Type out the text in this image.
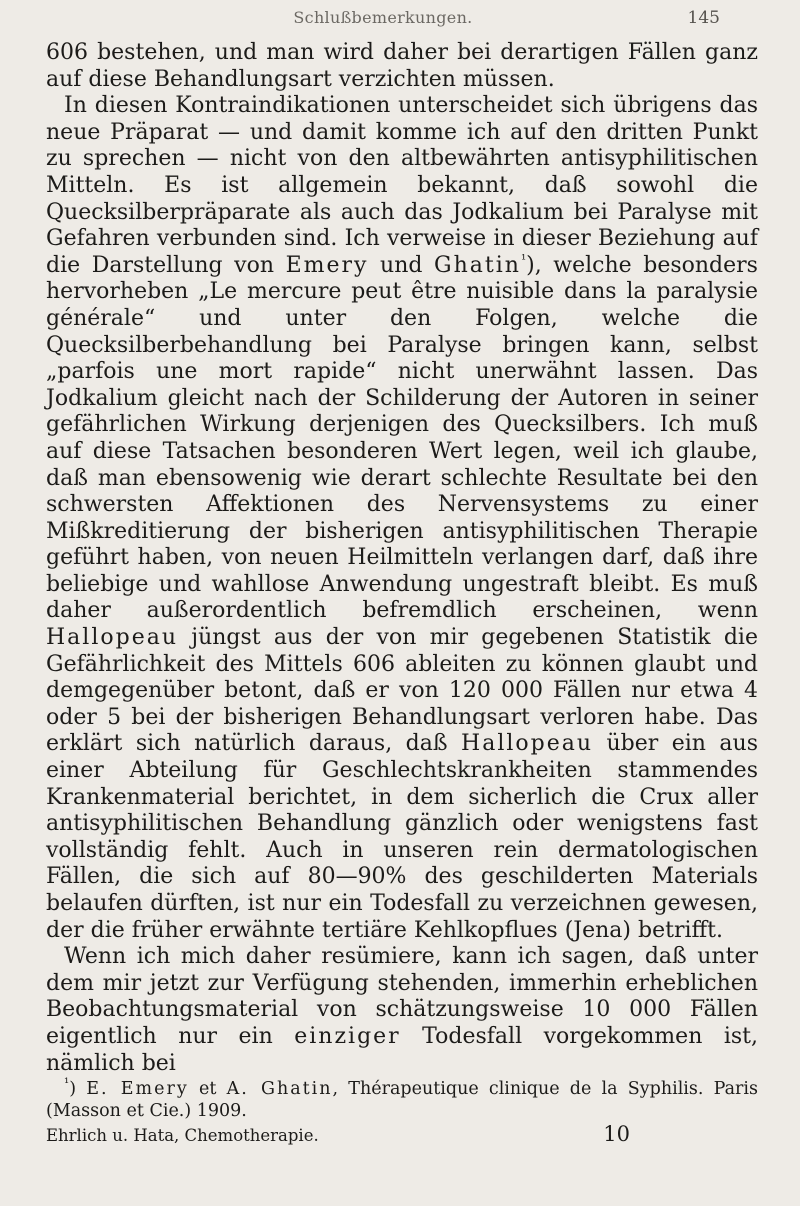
Schlußbemerkungen.	145

606 bestehen, und man wird daher bei derartigen Fällen ganz auf diese Behandlungsart verzichten müssen.

In diesen Kontraindikationen unterscheidet sich übrigens das neue Präparat — und damit komme ich auf den dritten Punkt zu sprechen — nicht von den altbewährten antisyphilitischen Mitteln. Es ist allgemein bekannt, daß sowohl die Quecksilberpräparate als auch das Jodkalium bei Paralyse mit Gefahren verbunden sind. Ich verweise in dieser Beziehung auf die Darstellung von Emery und Ghatin$^{^1}$), welche besonders hervorheben „Le mercure peut être nuisible dans la paralysie générale“ und unter den Folgen, welche die Quecksilberbehandlung bei Paralyse bringen kann, selbst „parfois une mort rapide“ nicht unerwähnt lassen. Das Jodkalium gleicht nach der Schilderung der Autoren in seiner gefährlichen Wirkung derjenigen des Quecksilbers. Ich muß auf diese Tatsachen besonderen Wert legen, weil ich glaube, daß man ebensowenig wie derart schlechte Resultate bei den schwersten Affektionen des Nervensystems zu einer Mißkreditierung der bisherigen antisyphilitischen Therapie geführt haben, von neuen Heilmitteln verlangen darf, daß ihre beliebige und wahllose Anwendung ungestraft bleibt. Es muß daher außerordentlich befremdlich erscheinen, wenn Hallopeau jüngst aus der von mir gegebenen Statistik die Gefährlichkeit des Mittels 606 ableiten zu können glaubt und demgegenüber betont, daß er von 120 000 Fällen nur etwa 4 oder 5 bei der bisherigen Behandlungsart verloren habe. Das erklärt sich natürlich daraus, daß Hallopeau über ein aus einer Abteilung für Geschlechtskrankheiten stammendes Krankenmaterial berichtet, in dem sicherlich die Crux aller antisyphilitischen Behandlung gänzlich oder wenigstens fast vollständig fehlt. Auch in unseren rein dermatologischen Fällen, die sich auf 80—90% des geschilderten Materials belaufen dürften, ist nur ein Todesfall zu verzeichnen gewesen, der die früher erwähnte tertiäre Kehlkopflues (Jena) betrifft.

Wenn ich mich daher resümiere, kann ich sagen, daß unter dem mir jetzt zur Verfügung stehenden, immerhin erheblichen Beobachtungsmaterial von schätzungsweise 10 000 Fällen eigentlich nur ein einziger Todesfall vorgekommen ist, nämlich bei

$^{^1}$) E. Emery et A. Ghatin, Thérapeutique clinique de la Syphilis. Paris (Masson et Cie.) 1909.

Ehrlich u. Hata, Chemotherapie.	10
